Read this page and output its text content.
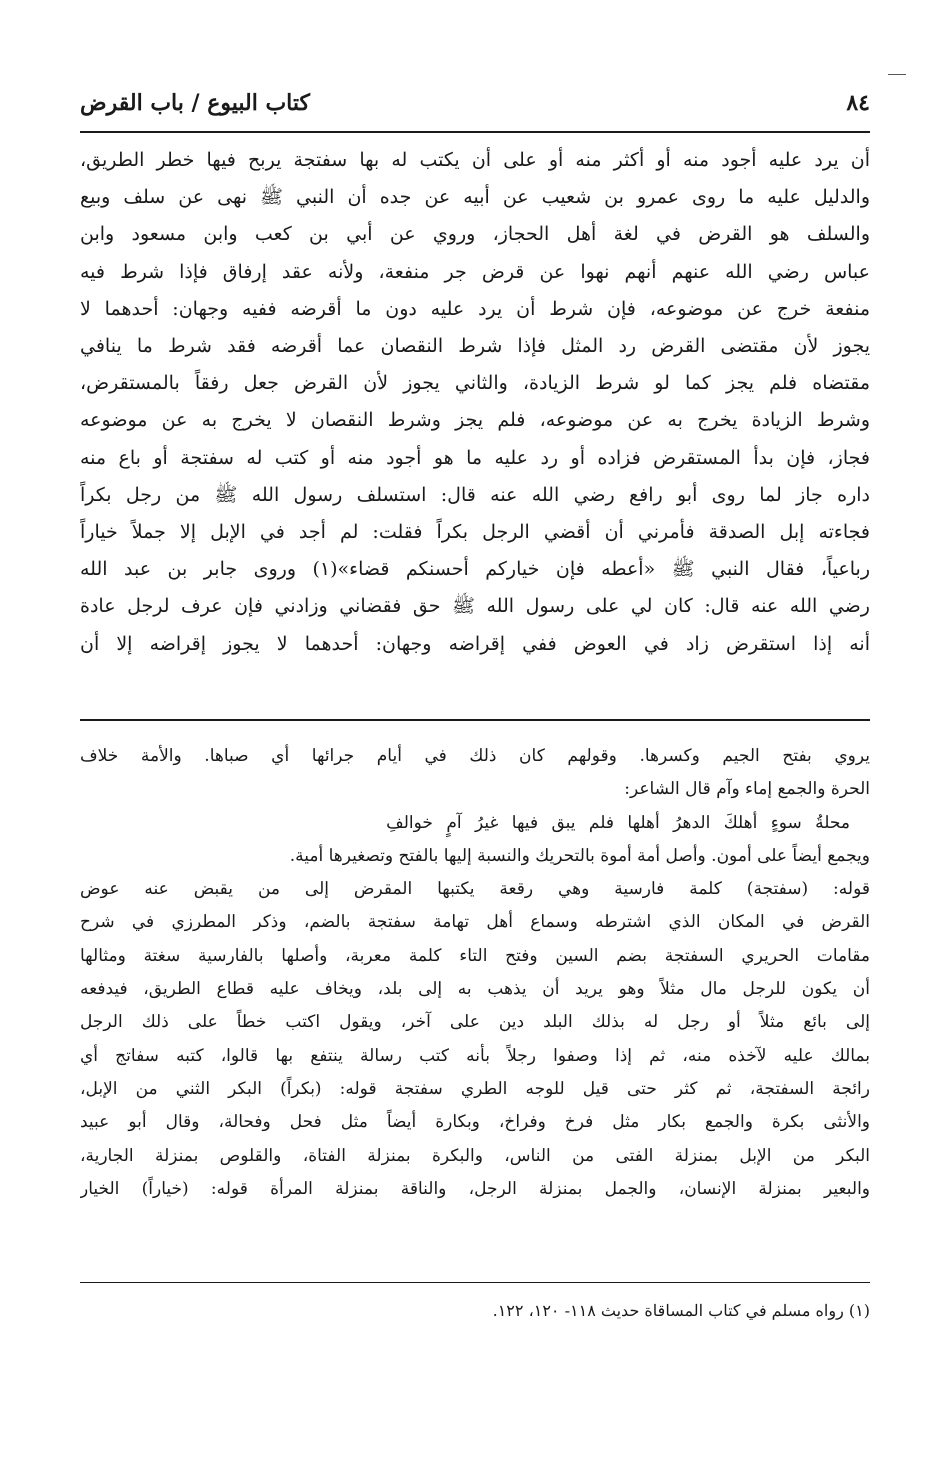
٨٤
كتاب البيوع / باب القرض
أن يرد عليه أجود منه أو أكثر منه أو على أن يكتب له بها سفتجة يربح فيها خطر الطريق،
والدليل عليه ما روى عمرو بن شعيب عن أبيه عن جده أن النبي ﷺ نهى عن سلف وبيع
والسلف هو القرض في لغة أهل الحجاز، وروي عن أبي بن كعب وابن مسعود وابن
عباس رضي الله عنهم أنهم نهوا عن قرض جر منفعة، ولأنه عقد إرفاق فإذا شرط فيه
منفعة خرج عن موضوعه، فإن شرط أن يرد عليه دون ما أقرضه ففيه وجهان: أحدهما لا
يجوز لأن مقتضى القرض رد المثل فإذا شرط النقصان عما أقرضه فقد شرط ما ينافي
مقتضاه فلم يجز كما لو شرط الزيادة، والثاني يجوز لأن القرض جعل رفقاً بالمستقرض،
وشرط الزيادة يخرج به عن موضوعه، فلم يجز وشرط النقصان لا يخرج به عن موضوعه
فجاز، فإن بدأ المستقرض فزاده أو رد عليه ما هو أجود منه أو كتب له سفتجة أو باع منه
داره جاز لما روى أبو رافع رضي الله عنه قال: استسلف رسول الله ﷺ من رجل بكراً
فجاءته إبل الصدقة فأمرني أن أقضي الرجل بكراً فقلت: لم أجد في الإبل إلا جملاً خياراً
رباعياً، فقال النبي ﷺ «أعطه فإن خياركم أحسنكم قضاء»(١) وروى جابر بن عبد الله
رضي الله عنه قال: كان لي على رسول الله ﷺ حق فقضاني وزادني فإن عرف لرجل عادة
أنه إذا استقرض زاد في العوض ففي إقراضه وجهان: أحدهما لا يجوز إقراضه إلا أن
يروي بفتح الجيم وكسرها. وقولهم كان ذلك في أيام جرائها أي صباها. والأمة خلاف
الحرة والجمع إماء وآم قال الشاعر:
محلةُ سوءٍ أهلكَ الدهرُ أهلها فلم يبق فيها غيرُ آمٍ خوالفِ
ويجمع أيضاً على أمون. وأصل أمة أموة بالتحريك والنسبة إليها بالفتح وتصغيرها أمية.
قوله: (سفتجة) كلمة فارسية وهي رقعة يكتبها المقرض إلى من يقبض عنه عوض
القرض في المكان الذي اشترطه وسماع أهل تهامة سفتجة بالضم، وذكر المطرزي في شرح
مقامات الحريري السفتجة بضم السين وفتح التاء كلمة معربة، وأصلها بالفارسية سغتة ومثالها
أن يكون للرجل مال مثلاً وهو يريد أن يذهب به إلى بلد، ويخاف عليه قطاع الطريق، فيدفعه
إلى بائع مثلاً أو رجل له بذلك البلد دين على آخر، ويقول اكتب خطاً على ذلك الرجل
بمالك عليه لآخذه منه، ثم إذا وصفوا رجلاً بأنه كتب رسالة ينتفع بها قالوا، كتبه سفاتج أي
رائجة السفتجة، ثم كثر حتى قيل للوجه الطري سفتجة قوله: (بكراً) البكر الثني من الإبل،
والأنثى بكرة والجمع بكار مثل فرخ وفراخ، وبكارة أيضاً مثل فحل وفحالة، وقال أبو عبيد
البكر من الإبل بمنزلة الفتى من الناس، والبكرة بمنزلة الفتاة، والقلوص بمنزلة الجارية،
والبعير بمنزلة الإنسان، والجمل بمنزلة الرجل، والناقة بمنزلة المرأة قوله: (خياراً) الخيار
(١) رواه مسلم في كتاب المساقاة حديث ١١٨- ١٢٠، ١٢٢.
